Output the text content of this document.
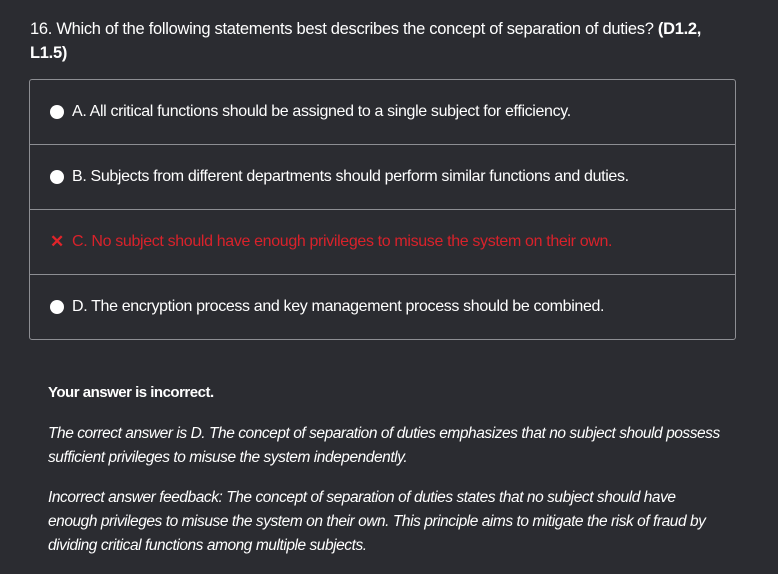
16. Which of the following statements best describes the concept of separation of duties? (D1.2, L1.5)
A. All critical functions should be assigned to a single subject for efficiency.
B. Subjects from different departments should perform similar functions and duties.
✕ C. No subject should have enough privileges to misuse the system on their own.
D. The encryption process and key management process should be combined.

Your answer is incorrect.

The correct answer is D. The concept of separation of duties emphasizes that no subject should possess sufficient privileges to misuse the system independently.

Incorrect answer feedback: The concept of separation of duties states that no subject should have enough privileges to misuse the system on their own. This principle aims to mitigate the risk of fraud by dividing critical functions among multiple subjects.
